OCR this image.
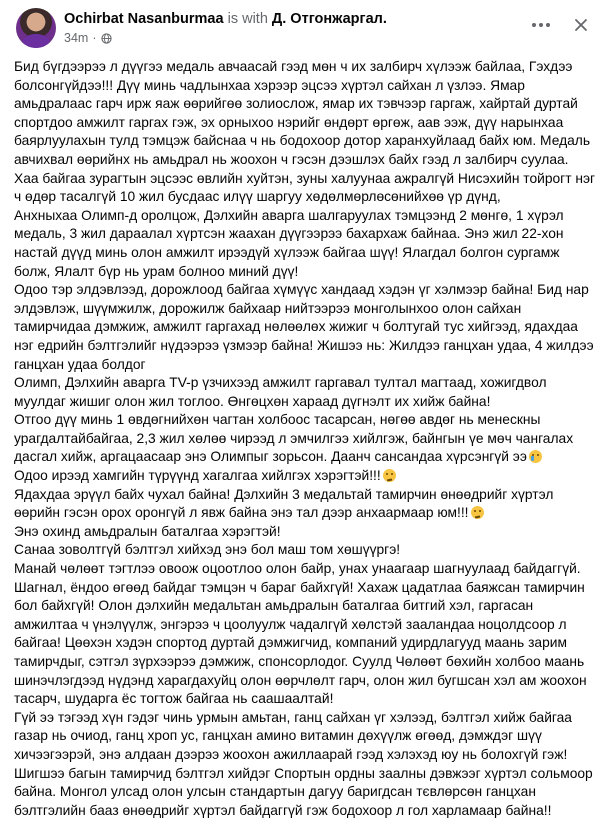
Ochirbat Nasanburmaa is with Д. Отгонжаргал.
34m ·

Бид бүгдээрээ л дүүгээ медаль авчаасай гээд мөн ч их залбирч хүлээж байлаа, Гэхдээ болсонгүйдээ!!! Дүү минь чадлынхаа хэрээр эцсээ хүртэл сайхан л үзлээ. Ямар амьдралаас гарч ирж яаж өөрийгөө золиослож, ямар их тэвчээр гаргаж, хайртай дуртай спортдоо амжилт гаргах гэж, эх орныхоо нэрийг өндөрт өргөж, аав ээж, дүү нарынхаа баярлуулахын тулд тэмцэж байснаа ч нь бодохоор дотор харанхуйлаад байх юм. Медаль авчихвал өөрийнх нь амьдрал нь жоохон ч гэсэн дээшлэх байх гээд л залбирч суулаа. Хаа байгаа зурагтын эцсээс өвлийн хуйтэн, зуны халуунаа ажралгүй Нисэхийн тойрогт нэг ч өдөр тасалгүй 10 жил бусдаас илүү шаргуу хөдөлмөрлөсөнийхөө үр дүнд,

Анхныхаа Олимп-д оролцож, Дэлхийн аварга шалгаруулах тэмцээнд 2 мөнгө, 1 хүрэл медаль, 3 жил дараалал хүртсэн жаахан дүүгээрээ бахархаж байнаа. Энэ жил 22-хон настай дүүд минь олон амжилт ирээдүй хүлээж байгаа шүү! Ялагдал болгон сургамж болж, Ялалт бүр нь урам болноо миний дүү!

Одоо тэр элдэвлээд, дорожлоод байгаа хүмүүс хандаад хэдэн үг хэлмээр байна! Бид нар элдэвлэж, шүүмжилж, дорожилж байхаар нийтээрээ монголынхоо олон сайхан тамирчидаа дэмжиж, амжилт гаргахад нөлөөлөх жижиг ч болтугай тус хийгээд, ядахдаа нэг едрийн бэлтгэлийг нүдээрээ үзмээр байна! Жишээ нь: Жилдээ ганцхан удаа, 4 жилдээ ганцхан удаа болдог

Олимп, Дэлхийн аварга TV-р үзчихээд амжилт гаргавал тултал магтаад, хожигдвол муулдаг жишиг олон жил тоглоо. Өнгөцхөн хараад дүгнэлт их хийж байна!

Отгоо дүү минь 1 өвдөгнийхөн чагтан холбоос тасарсан, нөгөө авдөг нь менескны урагдалтайбайгаа, 2,3 жил хөлөө чирээд л эмчилгээ хийлгэж, байнгын үе мөч чангалах дасгал хийж, аргацаасаар энэ Олимпыг зорьсон. Даанч сансандаа хүрсэнгүй ээ

Одоо ирээд хамгийн түрүүнд хагалгаа хийлгэх хэрэгтэй!!!

Ядахдаа эрүүл байх чухал байна! Дэлхийн 3 медальтай тамирчин өнөөдрийг хүртэл өөрийн гэсэн орох оронгүй л явж байна энэ тал дээр анхаармаар юм!!!

Энэ охинд амьдралын баталгаа хэрэгтэй!

Санаа зоволтгүй бэлтгэл хийхэд энэ бол маш том хөшүүргэ!

Манай чөлөөт тэгтлээ овоож оцоотлоо олон байр, унах унаагаар шагнуулаад байдаггүй. Шагнал, ёндоо өгөөд байдаг тэмцэн ч бараг байхгүй! Хахаж цадатлаа баяжсан тамирчин бол байхгүй! Олон дэлхийн медальтан амьдралын баталгаа битгий хэл, гаргасан амжилтаа ч үнэлүүлж, энгэрээ ч цоолуулж чадалгүй хөлстэй зааландаа ноцолдсоор л байгаа! Цөөхэн хэдэн спортод дуртай дэмжигчид, компаний удирдлагууд маань зарим тамирчдыг, сэтгэл зүрхээрээ дэмжиж, спонсорлодог. Суулд Чөлөөт бөхийн холбоо маань шинэчлэгдээд нүдэнд харагдахуйц олон өөрчлөлт гарч, олон жил бугшсан хэл ам жоохон тасарч, шударга ёс тогтож байгаа нь саашаалтай!

Гүй ээ тэгээд хүн гэдэг чинь урмын амьтан, ганц сайхан үг хэлээд, бэлтгэл хийж байгаа газар нь очиод, ганц хроп ус, ганцхан амино витамин дөхүүлж өгөөд, дэмждэг шүү хичээгээрэй, энэ алдаан дээрээ жоохон ажиллаарай гээд хэлэхэд юу нь болохгүй гэж!

Шигшээ багын тамирчид бэлтгэл хийдэг Спортын ордны заалны дэвжээг хүртэл сольмоор байна. Монгол улсад олон улсын стандартын дагуу баригдсан тєвлөрсөн ганцхан бэлтгэлийн бааз өнөөдрийг хүртэл байдаггүй гэж бодохоор л гол харламаар байна!!
